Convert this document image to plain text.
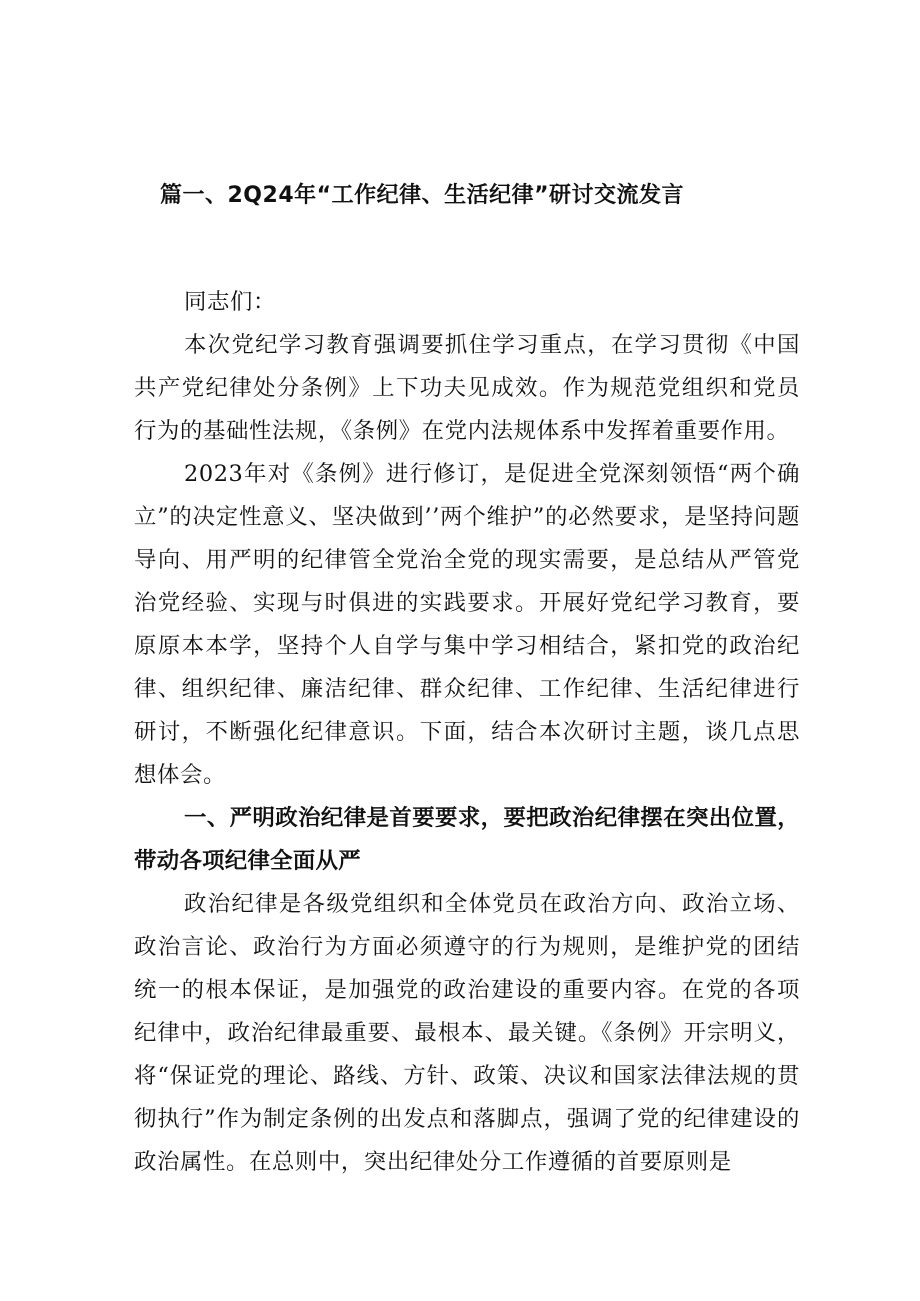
篇一、2Q24年“工作纪律、生活纪律”研讨交流发言
同志们：

本次党纪学习教育强调要抓住学习重点，在学习贯彻《中国共产党纪律处分条例》上下功夫见成效。作为规范党组织和党员行为的基础性法规，《条例》在党内法规体系中发挥着重要作用。

2023年对《条例》进行修订，是促进全党深刻领悟“两个确立”的决定性意义、坚决做到’’两个维护”的必然要求，是坚持问题导向、用严明的纪律管全党治全党的现实需要，是总结从严管党治党经验、实现与时俱进的实践要求。开展好党纪学习教育，要原原本本学，坚持个人自学与集中学习相结合，紧扣党的政治纪律、组织纪律、廉洁纪律、群众纪律、工作纪律、生活纪律进行研讨，不断强化纪律意识。下面，结合本次研讨主题，谈几点思想体会。

一、严明政治纪律是首要要求，要把政治纪律摆在突出位置，带动各项纪律全面从严

政治纪律是各级党组织和全体党员在政治方向、政治立场、政治言论、政治行为方面必须遵守的行为规则，是维护党的团结统一的根本保证，是加强党的政治建设的重要内容。在党的各项纪律中，政治纪律最重要、最根本、最关键。《条例》开宗明义，将“保证党的理论、路线、方针、政策、决议和国家法律法规的贯彻执行”作为制定条例的出发点和落脚点，强调了党的纪律建设的政治属性。在总则中，突出纪律处分工作遵循的首要原则是
